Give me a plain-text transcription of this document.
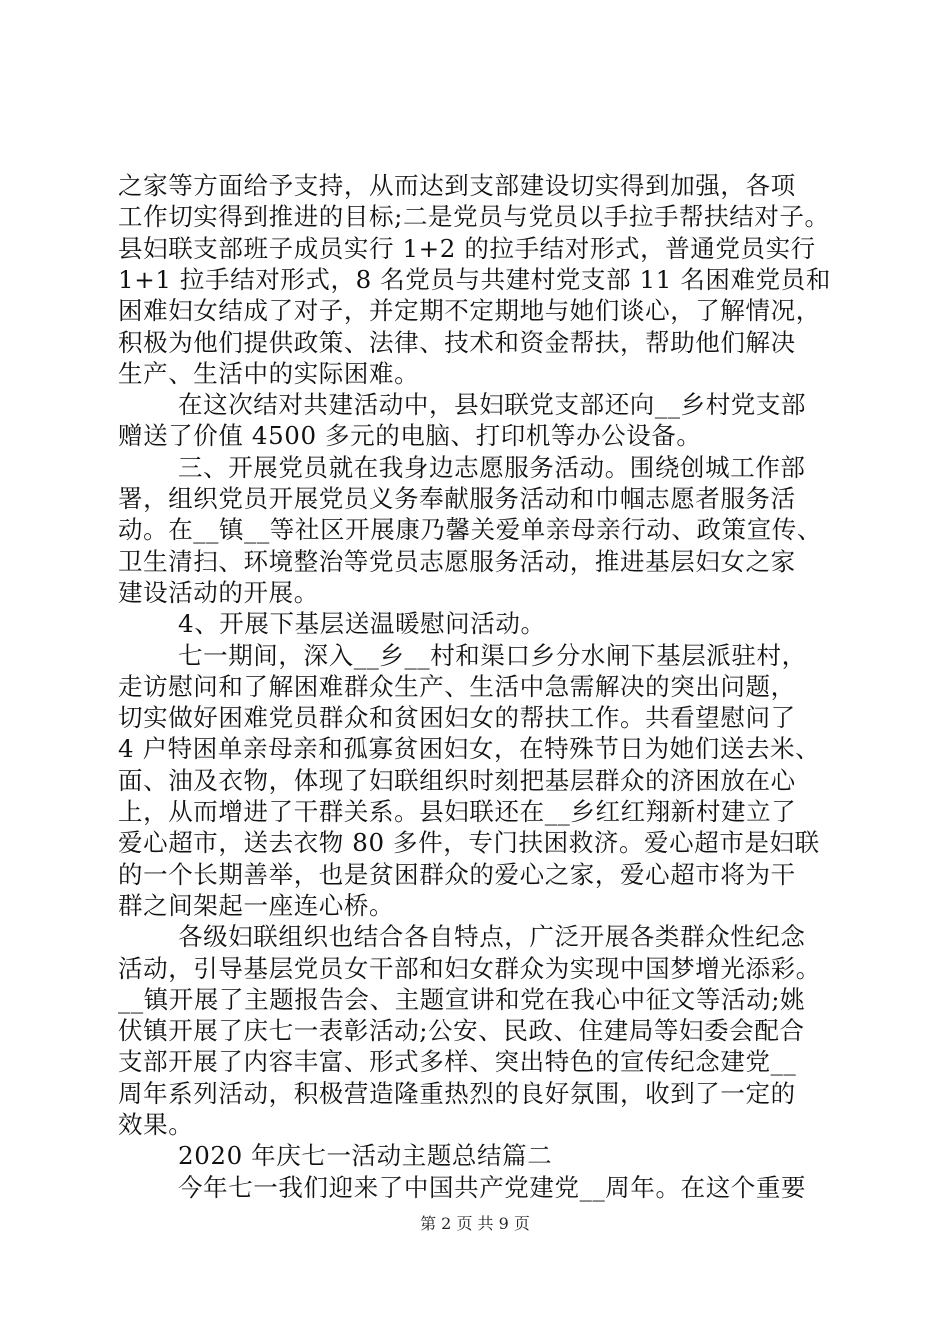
之家等方面给予支持，从而达到支部建设切实得到加强，各项
工作切实得到推进的目标;二是党员与党员以手拉手帮扶结对子。
县妇联支部班子成员实行 1+2 的拉手结对形式，普通党员实行
1+1 拉手结对形式，8 名党员与共建村党支部 11 名困难党员和
困难妇女结成了对子，并定期不定期地与她们谈心，了解情况，
积极为他们提供政策、法律、技术和资金帮扶，帮助他们解决
生产、生活中的实际困难。
在这次结对共建活动中，县妇联党支部还向__乡村党支部
赠送了价值 4500 多元的电脑、打印机等办公设备。
三、开展党员就在我身边志愿服务活动。围绕创城工作部
署，组织党员开展党员义务奉献服务活动和巾帼志愿者服务活
动。在__镇__等社区开展康乃馨关爱单亲母亲行动、政策宣传、
卫生清扫、环境整治等党员志愿服务活动，推进基层妇女之家
建设活动的开展。
4、开展下基层送温暖慰问活动。
七一期间，深入__乡__村和渠口乡分水闸下基层派驻村，
走访慰问和了解困难群众生产、生活中急需解决的突出问题，
切实做好困难党员群众和贫困妇女的帮扶工作。共看望慰问了
4 户特困单亲母亲和孤寡贫困妇女，在特殊节日为她们送去米、
面、油及衣物，体现了妇联组织时刻把基层群众的济困放在心
上，从而增进了干群关系。县妇联还在__乡红红翔新村建立了
爱心超市，送去衣物 80 多件，专门扶困救济。爱心超市是妇联
的一个长期善举，也是贫困群众的爱心之家，爱心超市将为干
群之间架起一座连心桥。
各级妇联组织也结合各自特点，广泛开展各类群众性纪念
活动，引导基层党员女干部和妇女群众为实现中国梦增光添彩。
__镇开展了主题报告会、主题宣讲和党在我心中征文等活动;姚
伏镇开展了庆七一表彰活动;公安、民政、住建局等妇委会配合
支部开展了内容丰富、形式多样、突出特色的宣传纪念建党__
周年系列活动，积极营造隆重热烈的良好氛围，收到了一定的
效果。
2020 年庆七一活动主题总结篇二
今年七一我们迎来了中国共产党建党__周年。在这个重要
第 2 页 共 9 页
